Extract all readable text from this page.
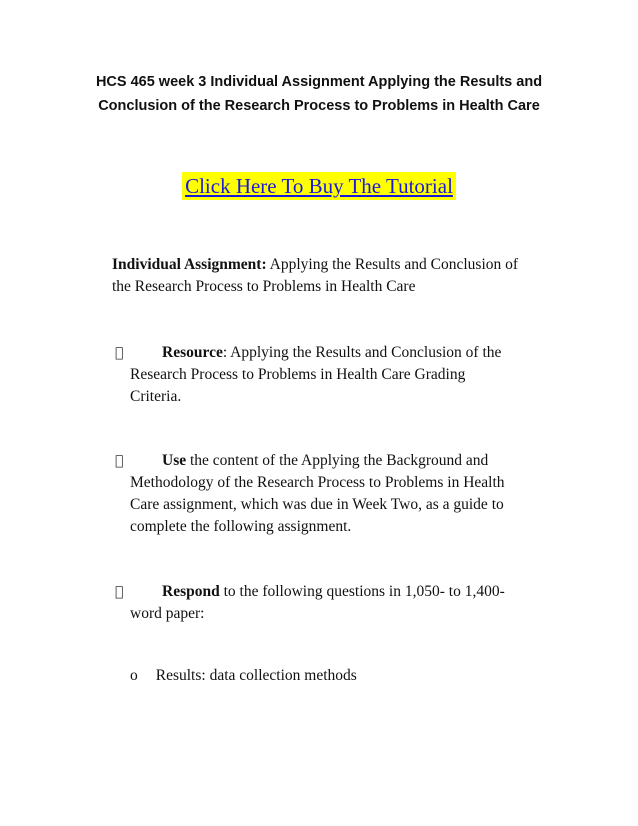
HCS 465 week 3 Individual Assignment Applying the Results and
Conclusion of the Research Process to Problems in Health Care
Click Here To Buy The Tutorial
Individual Assignment: Applying the Results and Conclusion of
the Research Process to Problems in Health Care
Resource: Applying the Results and Conclusion of the
Research Process to Problems in Health Care Grading
Criteria.
Use the content of the Applying the Background and
Methodology of the Research Process to Problems in Health
Care assignment, which was due in Week Two, as a guide to
complete the following assignment.
Respond to the following questions in 1,050- to 1,400-
word paper:
o Results: data collection methods
